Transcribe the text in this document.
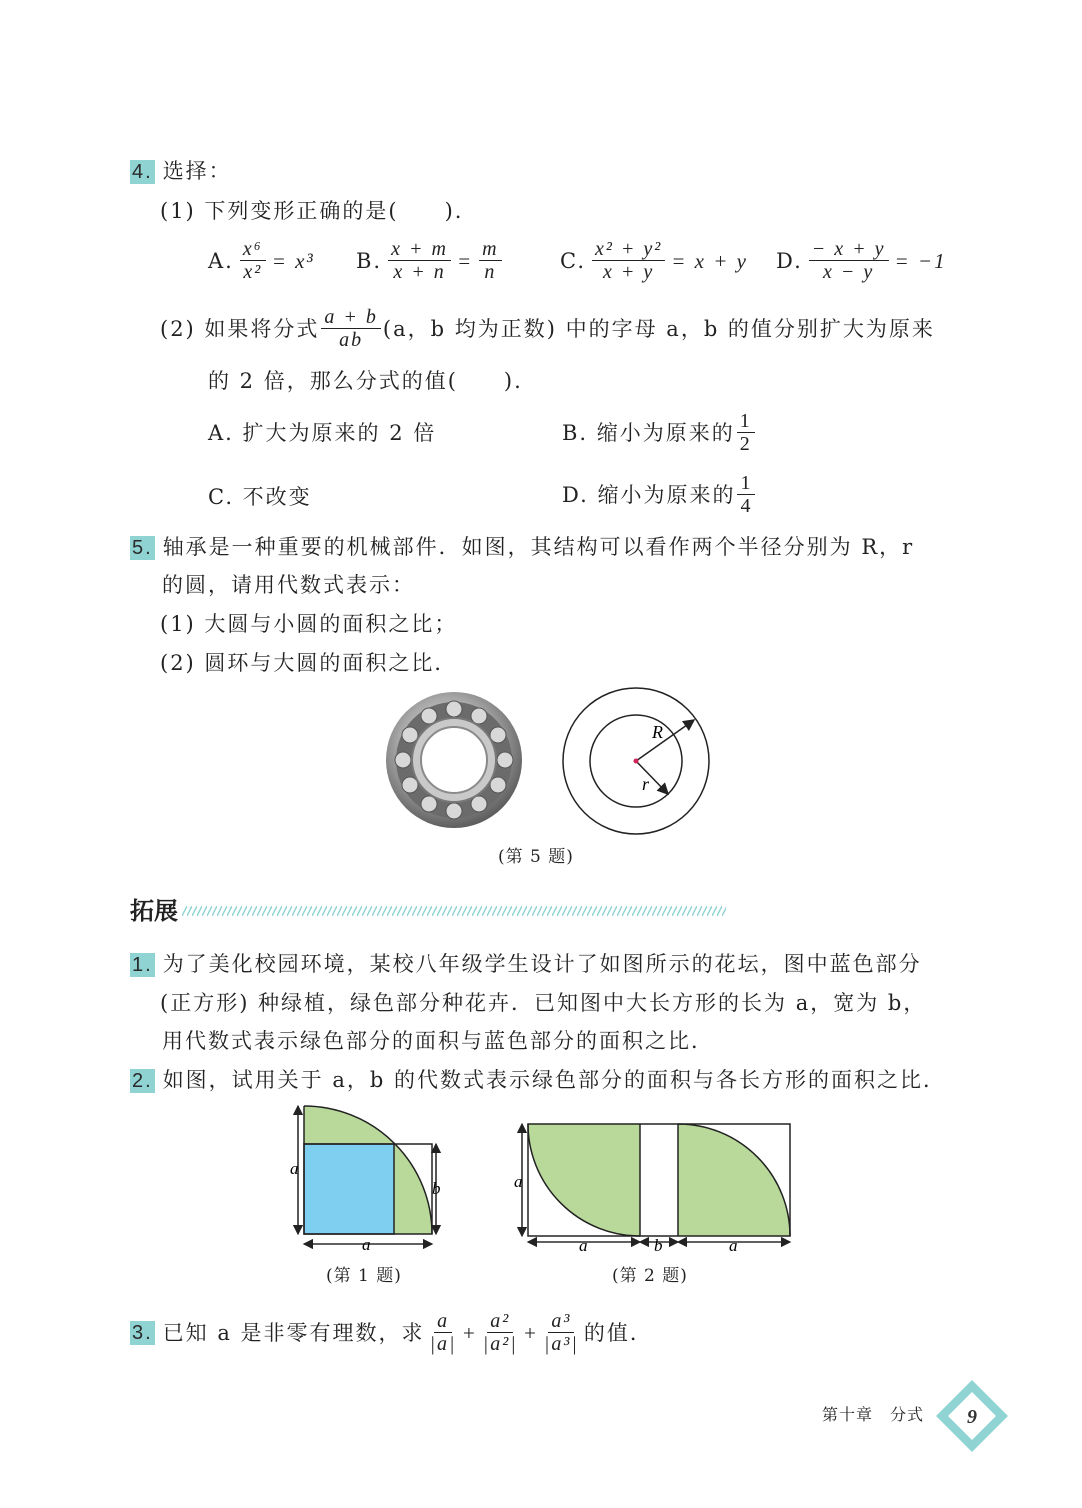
4. 选择：
(1) 下列变形正确的是(　　).
A. $\frac{\text{x⁶}}{\text{x²}} = x^3$ B. $\frac{x + m}{x + n} = \frac{m}{n}$	C. $\frac{\text{x² + y²}}{x + y} = x + y$ D. $\frac{- x + y}{x - y} = -1$
(2) 如果将分式 $\frac{a + b}{ab} (a$，b 均为正数) 中的字母 a，b 的值分别扩大为原来
的 2 倍，那么分式的值(　　).
A. 扩大为原来的 2 倍	B. 缩小为原来的 $\frac{1}{2}$
C. 不改变	D. 缩小为原来的 $\frac{1}{4}$
5. 轴承是一种重要的机械部件．如图，其结构可以看作两个半径分别为 R，r
的圆，请用代数式表示：
(1) 大圆与小圆的面积之比；
(2) 圆环与大圆的面积之比．
R
r
(第 5 题)
拓展
1. 为了美化校园环境，某校八年级学生设计了如图所示的花坛，图中蓝色部分
(正方形) 种绿植，绿色部分种花卉．已知图中大长方形的长为 a，宽为 b，
用代数式表示绿色部分的面积与蓝色部分的面积之比．
2. 如图，试用关于 a，b 的代数式表示绿色部分的面积与各长方形的面积之比．
a
b
a
(第 1 题)
a
a	b	a
(第 2 题)
3. 已知 a 是非零有理数，求 $\frac{a}{|a|} + \frac{\text{a²}}{\text{|a²|}} + \frac{\text{a³}}{\text{|a³|}}$ 的值．
第十章　分式 9
